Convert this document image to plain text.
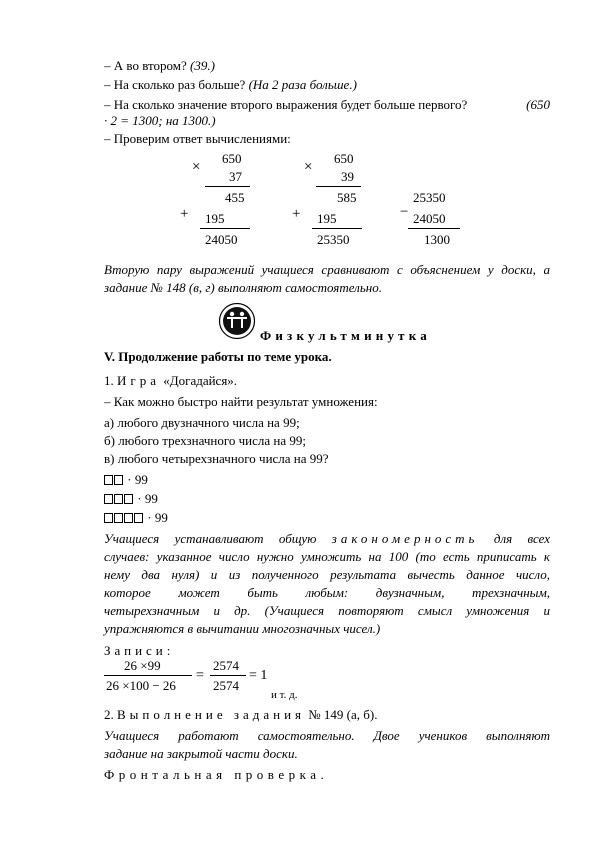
– А во втором? (39.)
– На сколько раз больше? (На 2 раза больше.)
– На сколько значение второго выражения будет больше первого?	(650
· 2 = 1300; на 1300.)
– Проверим ответ вычислениями:
×
650
37
455
+ 195
24050
×
650
39
585
+ 195
25350
25350
− 24050
1300
Вторую пару выражений учащиеся сравнивают с объяснением у доски, а
задание № 148 (в, г) выполняют самостоятельно.
Физкультминутка
V. Продолжение работы по теме урока.
1. Игра «Догадайся».
– Как можно быстро найти результат умножения:
а) любого двузначного числа на 99;
б) любого трехзначного числа на 99;
в) любого четырехзначного числа на 99?
· 99
· 99
· 99
Учащиеся устанавливают общую закономерность для всех
случаев: указанное число нужно умножить на 100 (то есть приписать к
нему два нуля) и из полученного результата вычесть данное число,
которое может быть любым: двузначным, трехзначным,
четырехзначным и др. (Учащиеся повторяют смысл умножения и
упражняются в вычитании многозначных чисел.)
Записи:
26 ×99
26 ×100 − 26
=
2574
2574
= 1
и т. д.
2. Выполнение задания № 149 (а, б).
Учащиеся работают самостоятельно. Двое учеников выполняют
задание на закрытой части доски.
Фронтальная проверка.
